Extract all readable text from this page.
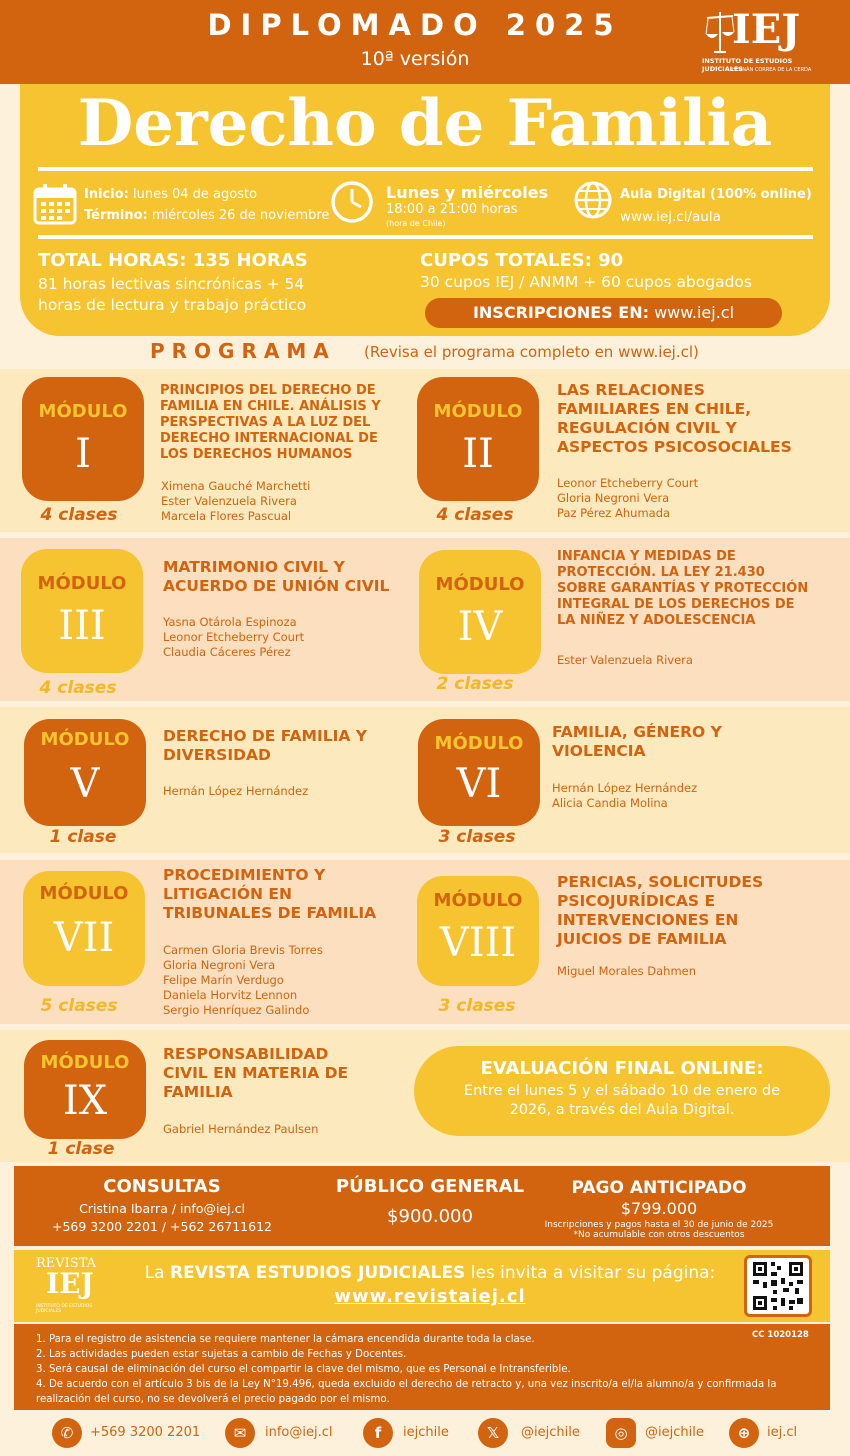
DIPLOMADO 2025
10ª versión
IEJ
INSTITUTO DE ESTUDIOS JUDICIALES
HERNÁN CORREA DE LA CERDA
Derecho de Familia
Inicio: lunes 04 de agosto
Término: miércoles 26 de noviembre
Lunes y miércoles
18:00 a 21:00 horas
(hora de Chile)
Aula Digital (100% online)
www.iej.cl/aula
TOTAL HORAS: 135 HORAS
81 horas lectivas sincrónicas + 54
horas de lectura y trabajo práctico
CUPOS TOTALES: 90
30 cupos IEJ / ANMM + 60 cupos abogados
INSCRIPCIONES EN: www.iej.cl
PROGRAMA (Revisa el programa completo en www.iej.cl)
MÓDULO
I
4 clases
PRINCIPIOS DEL DERECHO DE
FAMILIA EN CHILE. ANÁLISIS Y
PERSPECTIVAS A LA LUZ DEL
DERECHO INTERNACIONAL DE
LOS DERECHOS HUMANOS
Ximena Gauché Marchetti
Ester Valenzuela Rivera
Marcela Flores Pascual
MÓDULO
II
4 clases
LAS RELACIONES
FAMILIARES EN CHILE,
REGULACIÓN CIVIL Y
ASPECTOS PSICOSOCIALES
Leonor Etcheberry Court
Gloria Negroni Vera
Paz Pérez Ahumada
MÓDULO
III
4 clases
MATRIMONIO CIVIL Y
ACUERDO DE UNIÓN CIVIL
Yasna Otárola Espinoza
Leonor Etcheberry Court
Claudia Cáceres Pérez
MÓDULO
IV
2 clases
INFANCIA Y MEDIDAS DE
PROTECCIÓN. LA LEY 21.430
SOBRE GARANTÍAS Y PROTECCIÓN
INTEGRAL DE LOS DERECHOS DE
LA NIÑEZ Y ADOLESCENCIA
Ester Valenzuela Rivera
MÓDULO
V
1 clase
DERECHO DE FAMILIA Y
DIVERSIDAD
Hernán López Hernández
MÓDULO
VI
3 clases
FAMILIA, GÉNERO Y
VIOLENCIA
Hernán López Hernández
Alicia Candia Molina
MÓDULO
VII
5 clases
PROCEDIMIENTO Y
LITIGACIÓN EN
TRIBUNALES DE FAMILIA
Carmen Gloria Brevis Torres
Gloria Negroni Vera
Felipe Marín Verdugo
Daniela Horvitz Lennon
Sergio Henríquez Galindo
MÓDULO
VIII
3 clases
PERICIAS, SOLICITUDES
PSICOJURÍDICAS E
INTERVENCIONES EN
JUICIOS DE FAMILIA
Miguel Morales Dahmen
MÓDULO
IX
1 clase
RESPONSABILIDAD
CIVIL EN MATERIA DE
FAMILIA
Gabriel Hernández Paulsen
EVALUACIÓN FINAL ONLINE:
Entre el lunes 5 y el sábado 10 de enero de
2026, a través del Aula Digital.
CONSULTAS
Cristina Ibarra / info@iej.cl
+569 3200 2201 / +562 26711612
PÚBLICO GENERAL
$900.000
PAGO ANTICIPADO
$799.000
Inscripciones y pagos hasta el 30 de junio de 2025
*No acumulable con otros descuentos
REVISTA
IEJ
INSTITUTO DE ESTUDIOS JUDICIALES
La REVISTA ESTUDIOS JUDICIALES les invita a visitar su página:
www.revistaiej.cl
CC 1020128
1. Para el registro de asistencia se requiere mantener la cámara encendida durante toda la clase.
2. Las actividades pueden estar sujetas a cambio de Fechas y Docentes.
3. Será causal de eliminación del curso el compartir la clave del mismo, que es Personal e Intransferible.
4. De acuerdo con el artículo 3 bis de la Ley N°19.496, queda excluido el derecho de retracto y, una vez inscrito/a el/la alumno/a y confirmada la
realización del curso, no se devolverá el precio pagado por el mismo.
✆	+569 3200 2201	✉	info@iej.cl	f	iejchile	𝕏	@iejchile	◎	@iejchile	⊕	iej.cl
